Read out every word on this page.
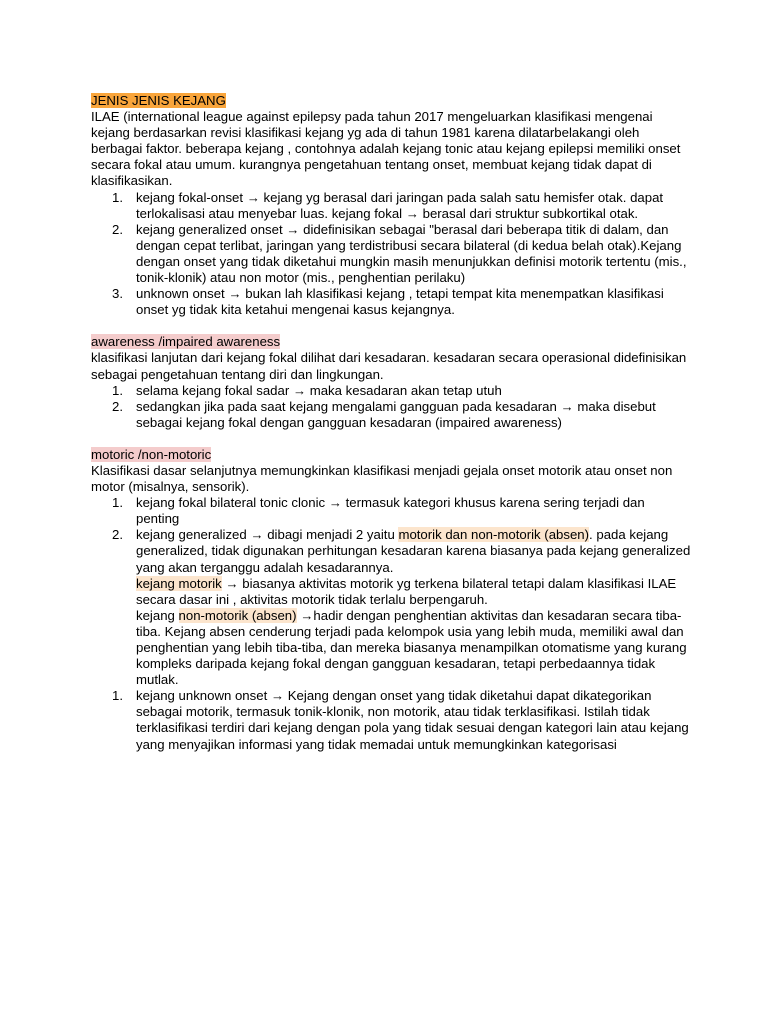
JENIS JENIS KEJANG

ILAE (international league against epilepsy pada tahun 2017 mengeluarkan klasifikasi mengenai kejang berdasarkan revisi klasifikasi kejang yg ada di tahun 1981 karena dilatarbelakangi oleh berbagai faktor. beberapa kejang , contohnya adalah kejang tonic atau kejang epilepsi memiliki onset secara fokal atau umum. kurangnya pengetahuan tentang onset, membuat kejang tidak dapat di klasifikasikan.

1. kejang fokal-onset → kejang yg berasal dari jaringan pada salah satu hemisfer otak. dapat terlokalisasi atau menyebar luas. kejang fokal → berasal dari struktur subkortikal otak.
2. kejang generalized onset → didefinisikan sebagai "berasal dari beberapa titik di dalam, dan dengan cepat terlibat, jaringan yang terdistribusi secara bilateral (di kedua belah otak).Kejang dengan onset yang tidak diketahui mungkin masih menunjukkan definisi motorik tertentu (mis., tonik-klonik) atau non motor (mis., penghentian perilaku)
3. unknown onset → bukan lah klasifikasi kejang , tetapi tempat kita menempatkan klasifikasi onset yg tidak kita ketahui mengenai kasus kejangnya.

awareness /impaired awareness

klasifikasi lanjutan dari kejang fokal dilihat dari kesadaran. kesadaran secara operasional didefinisikan sebagai pengetahuan tentang diri dan lingkungan.

1. selama kejang fokal sadar → maka kesadaran akan tetap utuh
2. sedangkan jika pada saat kejang mengalami gangguan pada kesadaran → maka disebut sebagai kejang fokal dengan gangguan kesadaran (impaired awareness)

motoric /non-motoric

Klasifikasi dasar selanjutnya memungkinkan klasifikasi menjadi gejala onset motorik atau onset non motor (misalnya, sensorik).

1. kejang fokal bilateral tonic clonic → termasuk kategori khusus karena sering terjadi dan penting
2. kejang generalized → dibagi menjadi 2 yaitu motorik dan non-motorik (absen). pada kejang generalized, tidak digunakan perhitungan kesadaran karena biasanya pada kejang generalized yang akan terganggu adalah kesadarannya.
kejang motorik → biasanya aktivitas motorik yg terkena bilateral tetapi dalam klasifikasi ILAE secara dasar ini , aktivitas motorik tidak terlalu berpengaruh.
kejang non-motorik (absen) →hadir dengan penghentian aktivitas dan kesadaran secara tiba-tiba. Kejang absen cenderung terjadi pada kelompok usia yang lebih muda, memiliki awal dan penghentian yang lebih tiba-tiba, dan mereka biasanya menampilkan otomatisme yang kurang kompleks daripada kejang fokal dengan gangguan kesadaran, tetapi perbedaannya tidak mutlak.
1. kejang unknown onset → Kejang dengan onset yang tidak diketahui dapat dikategorikan sebagai motorik, termasuk tonik-klonik, non motorik, atau tidak terklasifikasi. Istilah tidak terklasifikasi terdiri dari kejang dengan pola yang tidak sesuai dengan kategori lain atau kejang yang menyajikan informasi yang tidak memadai untuk memungkinkan kategorisasi
